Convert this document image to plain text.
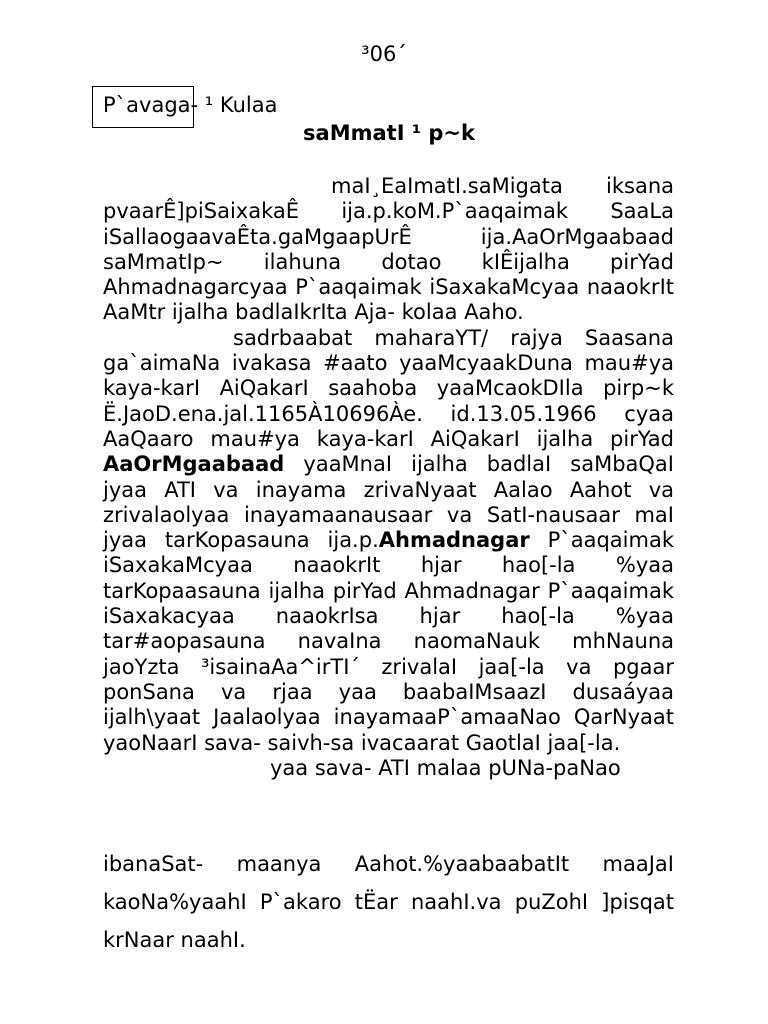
³06´
P`avaga- ¹ Kulaa
saMmatI ¹ p~k

maI¸EaImatI.saMigata iksana pvaarÊ]piSaixakaÊ ija.p.koM.P`aaqaimak SaaLa iSallaogaavaÊta.gaMgaapUrÊ ija.AaOrMgaabaad saMmatIp~ ilahuna dotao kIÊijalha pirYad Ahmadnagarcyaa P`aaqaimak iSaxakaMcyaa naaokrIt AaMtr ijalha badlaIkrIta Aja- kolaa Aaho.

sadrbaabat maharaYT/ rajya Saasana ga`aimaNa ivakasa #aato yaaMcyaakDuna mau#ya kaya-karI AiQakarI saahoba yaaMcaokDIla pirp~k Ë.JaoD.ena.jal.1165À10696Àe. id.13.05.1966 cyaa AaQaaro mau#ya kaya-karI AiQakarI ijalha pirYad AaOrMgaabaad yaaMnaI ijalha badlaI saMbaQaI jyaa ATI va inayama zrivaNyaat Aalao Aahot va zrivalaolyaa inayamaanausaar va SatI-nausaar maI jyaa tarKopasauna ija.p.Ahmadnagar P`aaqaimak iSaxakaMcyaa naaokrIt hjar hao[-la %yaa tarKopaasauna ijalha pirYad Ahmadnagar P`aaqaimak iSaxakacyaa naaokrIsa hjar hao[-la %yaa tar#aopasauna navaIna naomaNauk mhNauna jaoYzta ³isainaAa^irTI´ zrivalaI jaa[-la va pgaar ponSana va rjaa yaa baabaIMsaazI dusaáyaa ijalh\yaat Jaalaolyaa inayamaaP`amaaNao QarNyaat yaoNaarI sava- saivh-sa ivacaarat GaotlaI jaa[-la.

yaa sava- ATI malaa pUNa-paNao

ibanaSat- maanya Aahot.%yaabaabatIt maaJaI kaoNa%yaahI P`akaro tËar naahI.va puZohI ]pisqat krNaar naahI.
